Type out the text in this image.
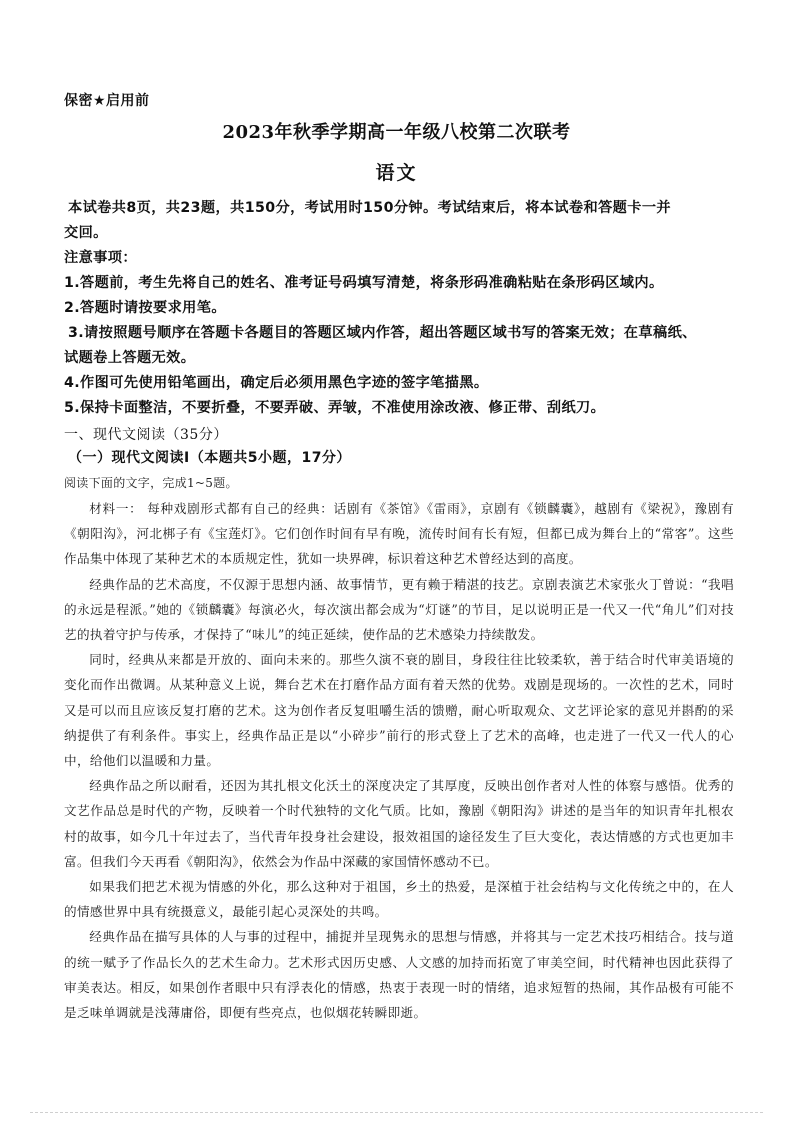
保密★启用前
2023年秋季学期高一年级八校第二次联考
语文
本试卷共8页，共23题，共150分，考试用时150分钟。考试结束后，将本试卷和答题卡一并
交回。

注意事项：

1.答题前，考生先将自己的姓名、准考证号码填写清楚，将条形码准确粘贴在条形码区域内。

2.答题时请按要求用笔。

3.请按照题号顺序在答题卡各题目的答题区域内作答，超出答题区域书写的答案无效；在草稿纸、

试题卷上答题无效。

4.作图可先使用铅笔画出，确定后必须用黑色字迹的签字笔描黑。

5.保持卡面整洁，不要折叠，不要弄破、弄皱，不准使用涂改液、修正带、刮纸刀。

一、现代文阅读（35分）
（一）现代文阅读I（本题共5小题，17分）
阅读下面的文字，完成1~5题。

材料一： 每种戏剧形式都有自己的经典：话剧有《茶馆》《雷雨》，京剧有《锁麟囊》，越剧有《梁祝》，豫剧有《朝阳沟》，河北梆子有《宝莲灯》。它们创作时间有早有晚，流传时间有长有短，但都已成为舞台上的“常客”。这些作品集中体现了某种艺术的本质规定性，犹如一块界碑，标识着这种艺术曾经达到的高度。

经典作品的艺术高度，不仅源于思想内涵、故事情节，更有赖于精湛的技艺。京剧表演艺术家张火丁曾说：“我唱的永远是程派。”她的《锁麟囊》每演必火，每次演出都会成为“灯谜”的节目，足以说明正是一代又一代“角儿”们对技艺的执着守护与传承，才保持了“味儿”的纯正延续，使作品的艺术感染力持续散发。

同时，经典从来都是开放的、面向未来的。那些久演不衰的剧目，身段往往比较柔软，善于结合时代审美语境的变化而作出微调。从某种意义上说，舞台艺术在打磨作品方面有着天然的优势。戏剧是现场的。一次性的艺术，同时又是可以而且应该反复打磨的艺术。这为创作者反复咀嚼生活的馈赠，耐心听取观众、文艺评论家的意见并斟酌的采纳提供了有利条件。事实上，经典作品正是以“小碎步”前行的形式登上了艺术的高峰，也走进了一代又一代人的心中，给他们以温暖和力量。

经典作品之所以耐看，还因为其扎根文化沃土的深度决定了其厚度，反映出创作者对人性的体察与感悟。优秀的文艺作品总是时代的产物，反映着一个时代独特的文化气质。比如，豫剧《朝阳沟》讲述的是当年的知识青年扎根农村的故事，如今几十年过去了，当代青年投身社会建设，报效祖国的途径发生了巨大变化，表达情感的方式也更加丰富。但我们今天再看《朝阳沟》，依然会为作品中深藏的家国情怀感动不已。

如果我们把艺术视为情感的外化，那么这种对于祖国，乡土的热爱，是深植于社会结构与文化传统之中的，在人的情感世界中具有统摄意义，最能引起心灵深处的共鸣。

经典作品在描写具体的人与事的过程中，捕捉并呈现隽永的思想与情感，并将其与一定艺术技巧相结合。技与道的统一赋予了作品长久的艺术生命力。艺术形式因历史感、人文感的加持而拓宽了审美空间，时代精神也因此获得了审美表达。相反，如果创作者眼中只有浮表化的情感，热衷于表现一时的情绪，追求短暂的热闹，其作品极有可能不是乏味单调就是浅薄庸俗，即便有些亮点，也似烟花转瞬即逝。
